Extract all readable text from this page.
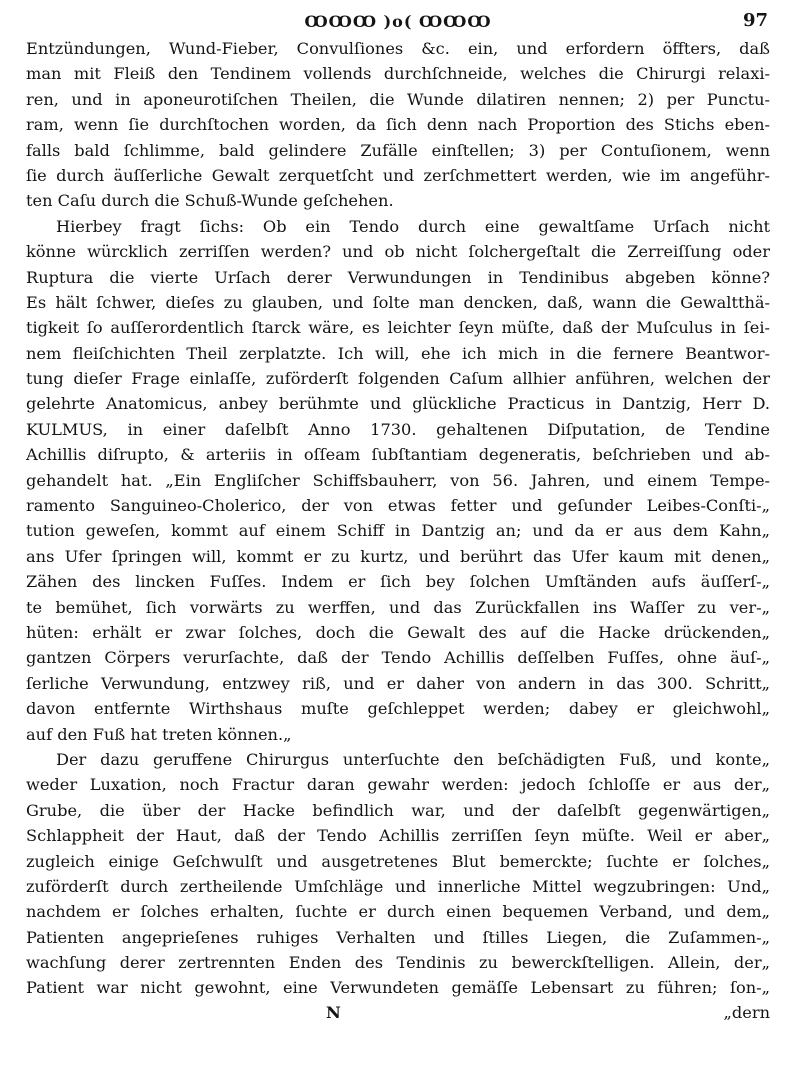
ꝎꝎꝎ )o( ꝎꝎꝎ	97
Entzündungen, Wund-Fieber, Convulſiones &c. ein, und erfordern öffters, daß
man mit Fleiß den Tendinem vollends durchſchneide, welches die Chirurgi relaxi-
ren, und in aponeurotiſchen Theilen, die Wunde dilatiren nennen; 2) per Punctu-
ram, wenn ſie durchſtochen worden, da ſich denn nach Proportion des Stichs eben-
falls bald ſchlimme, bald gelindere Zufälle einſtellen; 3) per Contuſionem, wenn
ſie durch äuſſerliche Gewalt zerquetſcht und zerſchmettert werden, wie im angeführ-
ten Caſu durch die Schuß-Wunde geſchehen.
Hierbey fragt ſichs: Ob ein Tendo durch eine gewaltſame Urſach nicht
könne würcklich zerriſſen werden? und ob nicht ſolchergeſtalt die Zerreiſſung oder
Ruptura die vierte Urſach derer Verwundungen in Tendinibus abgeben könne?
Es hält ſchwer, dieſes zu glauben, und ſolte man dencken, daß, wann die Gewaltthä-
tigkeit ſo auſſerordentlich ſtarck wäre, es leichter ſeyn müſte, daß der Muſculus in ſei-
nem fleiſchichten Theil zerplatzte. Ich will, ehe ich mich in die fernere Beantwor-
tung dieſer Frage einlaſſe, zuförderſt folgenden Caſum allhier anführen, welchen der
gelehrte Anatomicus, anbey berühmte und glückliche Practicus in Dantzig, Herr D.
KULMUS, in einer daſelbſt Anno 1730. gehaltenen Diſputation, de Tendine
Achillis diſrupto, & arteriis in oſſeam ſubſtantiam degeneratis, beſchrieben und ab-
gehandelt hat. „Ein Engliſcher Schiffsbauherr, von 56. Jahren, und einem Tempe-
ramento Sanguineo-Cholerico, der von etwas fetter und geſunder Leibes-Conſti-„
tution geweſen, kommt auf einem Schiff in Dantzig an; und da er aus dem Kahn„
ans Ufer ſpringen will, kommt er zu kurtz, und berührt das Ufer kaum mit denen„
Zähen des lincken Fuſſes. Indem er ſich bey ſolchen Umſtänden aufs äuſſerſ-„
te bemühet, ſich vorwärts zu werffen, und das Zurückfallen ins Waſſer zu ver-„
hüten: erhält er zwar ſolches, doch die Gewalt des auf die Hacke drückenden„
gantzen Cörpers verurſachte, daß der Tendo Achillis deſſelben Fuſſes, ohne äuſ-„
ſerliche Verwundung, entzwey riß, und er daher von andern in das 300. Schritt„
davon entfernte Wirthshaus muſte geſchleppet werden; dabey er gleichwohl„
auf den Fuß hat treten können.„
Der dazu geruffene Chirurgus unterſuchte den beſchädigten Fuß, und konte„
weder Luxation, noch Fractur daran gewahr werden: jedoch ſchloſſe er aus der„
Grube, die über der Hacke befindlich war, und der daſelbſt gegenwärtigen„
Schlappheit der Haut, daß der Tendo Achillis zerriſſen ſeyn müſte. Weil er aber„
zugleich einige Geſchwulſt und ausgetretenes Blut bemerckte; ſuchte er ſolches„
zuförderſt durch zertheilende Umſchläge und innerliche Mittel wegzubringen: Und„
nachdem er ſolches erhalten, ſuchte er durch einen bequemen Verband, und dem„
Patienten angeprieſenes ruhiges Verhalten und ſtilles Liegen, die Zuſammen-„
wachſung derer zertrennten Enden des Tendinis zu bewerckſtelligen. Allein, der„
Patient war nicht gewohnt, eine Verwundeten gemäſſe Lebensart zu führen; ſon-„
N	„dern
